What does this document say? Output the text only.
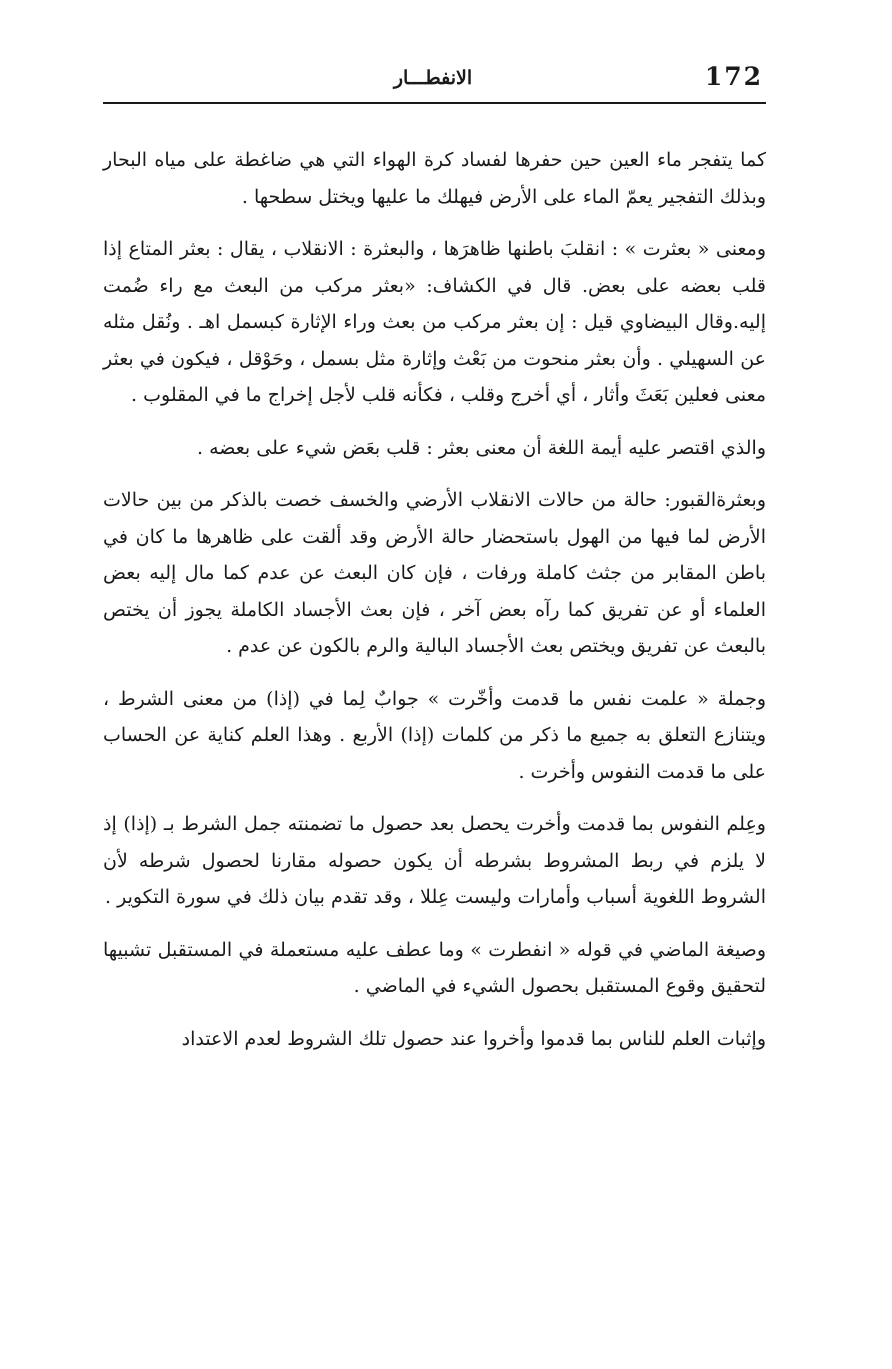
172
الانفطـــار

كما يتفجر ماء العين حين حفرها لفساد كرة الهواء التي هي ضاغطة على مياه البحار وبذلك التفجير يعمّ الماء على الأرض فيهلك ما عليها ويختل سطحها .

ومعنى « بعثرت » : انقلبَ باطنها ظاهرَها ، والبعثرة : الانقلاب ، يقال : بعثر المتاع إذا قلب بعضه على بعض. قال في الكشاف: «بعثر مركب من البعث مع راء ضُمت إليه.وقال البيضاوي قيل : إن بعثر مركب من بعث وراء الإثارة كبسمل اهـ . ونُقل مثله عن السهيلي . وأن بعثر منحوت من بَعْث وإثارة مثل بسمل ، وحَوْقل ، فيكون في بعثر معنى فعلين بَعَثَ وأثار ، أي أخرج وقلب ، فكأنه قلب لأجل إخراج ما في المقلوب .

والذي اقتصر عليه أيمة اللغة أن معنى بعثر : قلب بعَض شيء على بعضه .

وبعثرةالقبور: حالة من حالات الانقلاب الأرضي والخسف خصت بالذكر من بين حالات الأرض لما فيها من الهول باستحضار حالة الأرض وقد ألقت على ظاهرها ما كان في باطن المقابر من جثث كاملة ورفات ، فإن كان البعث عن عدم كما مال إليه بعض العلماء أو عن تفريق كما رآه بعض آخر ، فإن بعث الأجساد الكاملة يجوز أن يختص بالبعث عن تفريق ويختص بعث الأجساد البالية والرم بالكون عن عدم .

وجملة « علمت نفس ما قدمت وأخّرت » جوابٌ لِما في (إذا) من معنى الشرط ، ويتنازع التعلق به جميع ما ذكر من كلمات (إذا) الأربع . وهذا العلم كناية عن الحساب على ما قدمت النفوس وأخرت .

وعِلم النفوس بما قدمت وأخرت يحصل بعد حصول ما تضمنته جمل الشرط بـ (إذا) إذ لا يلزم في ربط المشروط بشرطه أن يكون حصوله مقارنا لحصول شرطه لأن الشروط اللغوية أسباب وأمارات وليست عِللا ، وقد تقدم بيان ذلك في سورة التكوير .

وصيغة الماضي في قوله « انفطرت » وما عطف عليه مستعملة في المستقبل تشبيها لتحقيق وقوع المستقبل بحصول الشيء في الماضي .

وإثبات العلم للناس بما قدموا وأخروا عند حصول تلك الشروط لعدم الاعتداد
